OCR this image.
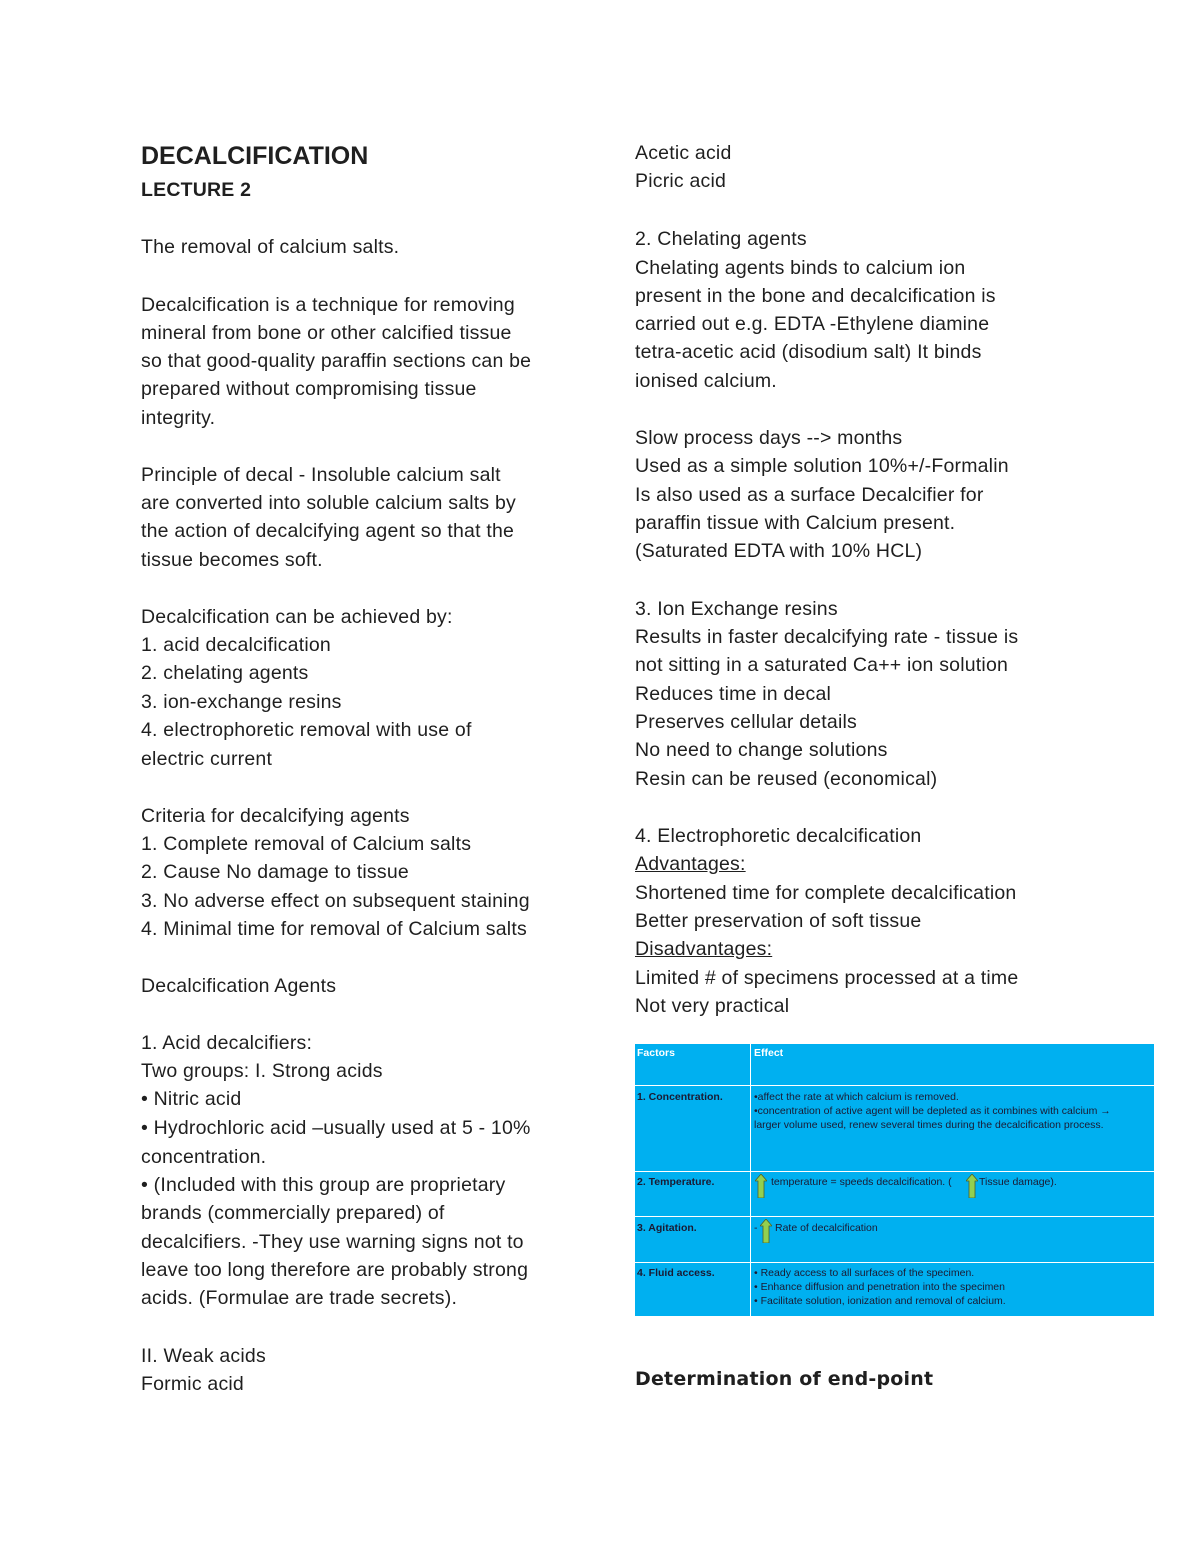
DECALCIFICATION
LECTURE 2
The removal of calcium salts.
Decalcification is a technique for removing
mineral from bone or other calcified tissue
so that good-quality paraffin sections can be
prepared without compromising tissue
integrity.
Principle of decal - Insoluble calcium salt
are converted into soluble calcium salts by
the action of decalcifying agent so that the
tissue becomes soft.
Decalcification can be achieved by:
1. acid decalcification
2. chelating agents
3. ion-exchange resins
4. electrophoretic removal with use of
electric current
Criteria for decalcifying agents
1. Complete removal of Calcium salts
2. Cause No damage to tissue
3. No adverse effect on subsequent staining
4. Minimal time for removal of Calcium salts
Decalcification Agents
1. Acid decalcifiers:
Two groups: I. Strong acids
• Nitric acid
• Hydrochloric acid –usually used at 5 - 10%
concentration.
• (Included with this group are proprietary
brands (commercially prepared) of
decalcifiers. -They use warning signs not to
leave too long therefore are probably strong
acids. (Formulae are trade secrets).
II. Weak acids
Formic acid
Acetic acid
Picric acid
2. Chelating agents
Chelating agents binds to calcium ion
present in the bone and decalcification is
carried out e.g. EDTA -Ethylene diamine
tetra-acetic acid (disodium salt) It binds
ionised calcium.
Slow process days --> months
Used as a simple solution 10%+/-Formalin
Is also used as a surface Decalcifier for
paraffin tissue with Calcium present.
(Saturated EDTA with 10% HCL)
3. Ion Exchange resins
Results in faster decalcifying rate - tissue is
not sitting in a saturated Ca++ ion solution
Reduces time in decal
Preserves cellular details
No need to change solutions
Resin can be reused (economical)
4. Electrophoretic decalcification
Advantages:
Shortened time for complete decalcification
Better preservation of soft tissue
Disadvantages:
Limited # of specimens processed at a time
Not very practical
Determination of end-point
Factors	Effect
1. Concentration.	•affect the rate at which calcium is removed.
•concentration of active agent will be depleted as it combines with calcium →
larger volume used, renew several times during the decalcification process.
2. Temperature.	temperature = speeds decalcification. (	Tissue damage).
3. Agitation.	- Rate of decalcification
4. Fluid access.	• Ready access to all surfaces of the specimen.
• Enhance diffusion and penetration into the specimen
• Facilitate solution, ionization and removal of calcium.
